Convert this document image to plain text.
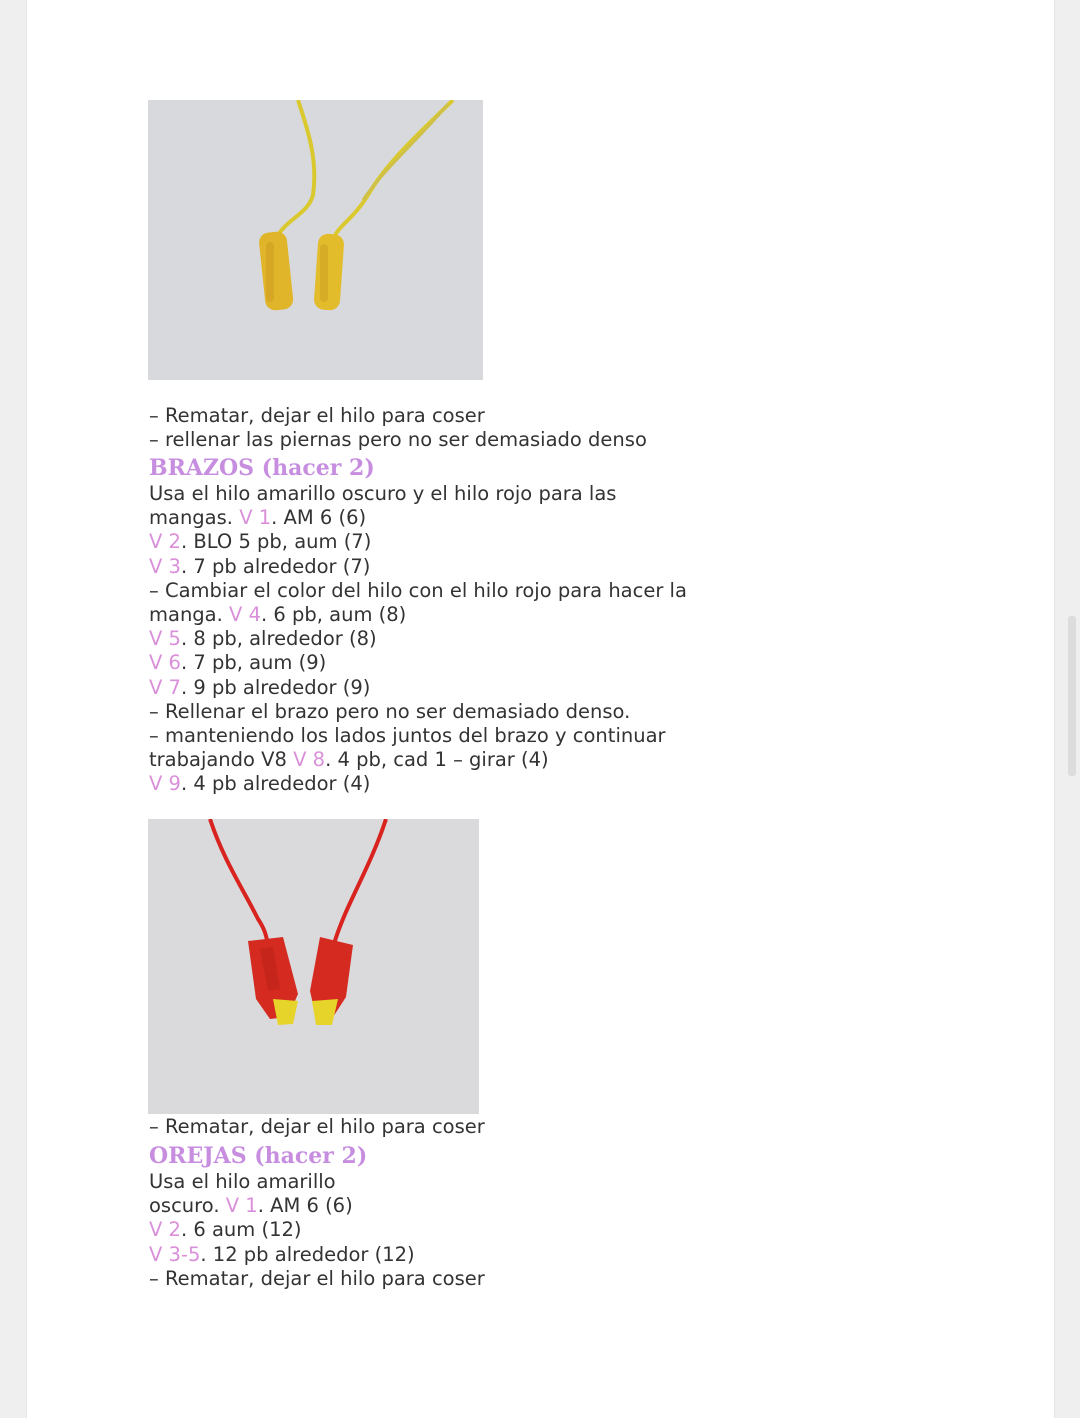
– Rematar, dejar el hilo para coser
– rellenar las piernas pero no ser demasiado denso
BRAZOS (hacer 2)
Usa el hilo amarillo oscuro y el hilo rojo para las
mangas. V 1. AM 6 (6)
V 2. BLO 5 pb, aum (7)
V 3. 7 pb alrededor (7)
– Cambiar el color del hilo con el hilo rojo para hacer la
manga. V 4. 6 pb, aum (8)
V 5. 8 pb, alrededor (8)
V 6. 7 pb, aum (9)
V 7. 9 pb alrededor (9)
– Rellenar el brazo pero no ser demasiado denso.
– manteniendo los lados juntos del brazo y continuar
trabajando V8 V 8. 4 pb, cad 1 – girar (4)
V 9. 4 pb alrededor (4)
– Rematar, dejar el hilo para coser
OREJAS (hacer 2)
Usa el hilo amarillo
oscuro. V 1. AM 6 (6)
V 2. 6 aum (12)
V 3-5. 12 pb alrededor (12)
– Rematar, dejar el hilo para coser
